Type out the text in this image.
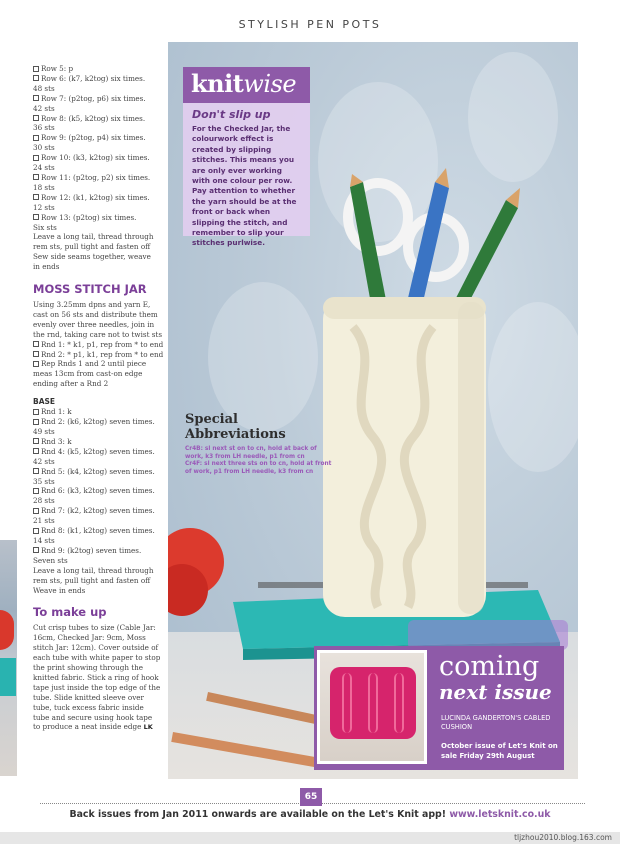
STYLISH PEN POTS
Row 5: p
Row 6: (k7, k2tog) six times.
48 sts
Row 7: (p2tog, p6) six times.
42 sts
Row 8: (k5, k2tog) six times.
36 sts
Row 9: (p2tog, p4) six times.
30 sts
Row 10: (k3, k2tog) six times.
24 sts
Row 11: (p2tog, p2) six times.
18 sts
Row 12: (k1, k2tog) six times.
12 sts
Row 13: (p2tog) six times.
Six sts
Leave a long tail, thread through
rem sts, pull tight and fasten off
Sew side seams together, weave
in ends
MOSS STITCH JAR
Using 3.25mm dpns and yarn E,
cast on 56 sts and distribute them
evenly over three needles, join in
the rnd, taking care not to twist sts
Rnd 1: * k1, p1, rep from * to end
Rnd 2: * p1, k1, rep from * to end
Rep Rnds 1 and 2 until piece
meas 13cm from cast-on edge
ending after a Rnd 2
BASE
Rnd 1: k
Rnd 2: (k6, k2tog) seven times.
49 sts
Rnd 3: k
Rnd 4: (k5, k2tog) seven times.
42 sts
Rnd 5: (k4, k2tog) seven times.
35 sts
Rnd 6: (k3, k2tog) seven times.
28 sts
Rnd 7: (k2, k2tog) seven times.
21 sts
Rnd 8: (k1, k2tog) seven times.
14 sts
Rnd 9: (k2tog) seven times.
Seven sts
Leave a long tail, thread through
rem sts, pull tight and fasten off
Weave in ends
To make up
Cut crisp tubes to size (Cable Jar:
16cm, Checked Jar: 9cm, Moss
stitch Jar: 12cm). Cover outside of
each tube with white paper to stop
the print showing through the
knitted fabric. Stick a ring of hook
tape just inside the top edge of the
tube. Slide knitted sleeve over
tube, tuck excess fabric inside
tube and secure using hook tape
to produce a neat inside edge LK
knitwise
Don't slip up
For the Checked Jar, the colourwork effect is created by slipping stitches. This means you are only ever working with one colour per row. Pay attention to whether the yarn should be at the front or back when slipping the stitch, and remember to slip your stitches purlwise.
Special
Abbreviations
Cr4B: sl next st on to cn, hold at back of work, k3 from LH needle, p1 from cn
Cr4F: sl next three sts on to cn, hold at front of work, p1 from LH needle, k3 from cn
coming
next issue
LUCINDA GANDERTON'S CABLED CUSHION
October issue of Let's Knit on sale Friday 29th August
65
Back issues from Jan 2011 onwards are available on the Let's Knit app! www.letsknit.co.uk
tljzhou2010.blog.163.com
